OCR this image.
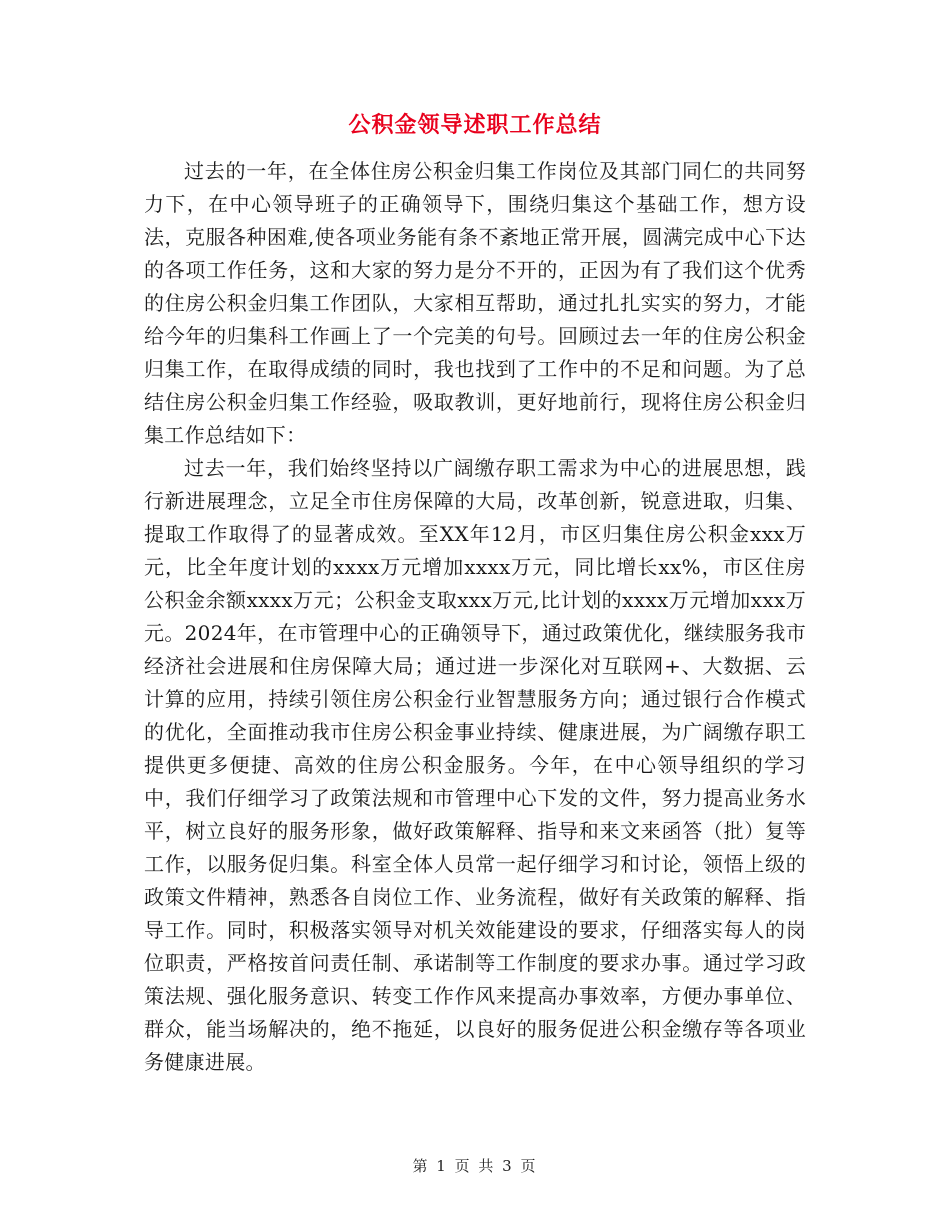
公积金领导述职工作总结

过去的一年，在全体住房公积金归集工作岗位及其部门同仁的共同努力下，在中心领导班子的正确领导下，围绕归集这个基础工作，想方设法，克服各种困难,使各项业务能有条不紊地正常开展，圆满完成中心下达的各项工作任务，这和大家的努力是分不开的，正因为有了我们这个优秀的住房公积金归集工作团队，大家相互帮助，通过扎扎实实的努力，才能给今年的归集科工作画上了一个完美的句号。回顾过去一年的住房公积金归集工作，在取得成绩的同时，我也找到了工作中的不足和问题。为了总结住房公积金归集工作经验，吸取教训，更好地前行，现将住房公积金归集工作总结如下：

过去一年，我们始终坚持以广阔缴存职工需求为中心的进展思想，践行新进展理念，立足全市住房保障的大局，改革创新，锐意进取，归集、提取工作取得了的显著成效。至XX年12月，市区归集住房公积金xxx万元，比全年度计划的xxxx万元增加xxxx万元，同比增长xx%，市区住房公积金余额xxxx万元；公积金支取xxx万元,比计划的xxxx万元增加xxx万元。2024年，在市管理中心的正确领导下，通过政策优化，继续服务我市经济社会进展和住房保障大局；通过进一步深化对互联网+、大数据、云计算的应用，持续引领住房公积金行业智慧服务方向；通过银行合作模式的优化，全面推动我市住房公积金事业持续、健康进展，为广阔缴存职工提供更多便捷、高效的住房公积金服务。今年，在中心领导组织的学习中，我们仔细学习了政策法规和市管理中心下发的文件，努力提高业务水平，树立良好的服务形象，做好政策解释、指导和来文来函答（批）复等工作，以服务促归集。科室全体人员常一起仔细学习和讨论，领悟上级的政策文件精神，熟悉各自岗位工作、业务流程，做好有关政策的解释、指导工作。同时，积极落实领导对机关效能建设的要求，仔细落实每人的岗位职责，严格按首问责任制、承诺制等工作制度的要求办事。通过学习政策法规、强化服务意识、转变工作作风来提高办事效率，方便办事单位、群众，能当场解决的，绝不拖延，以良好的服务促进公积金缴存等各项业务健康进展。

第 1 页 共 3 页
